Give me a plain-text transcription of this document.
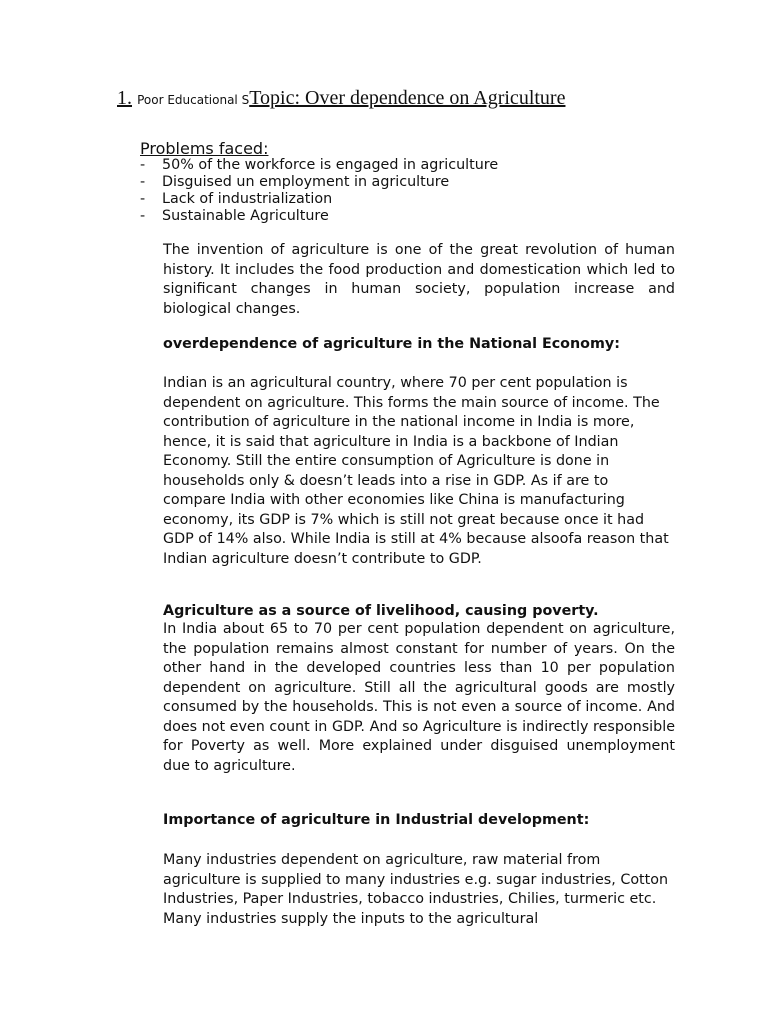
1. Poor Educational STopic: Over dependence on Agriculture
Problems faced:
- 50% of the workforce is engaged in agriculture
- Disguised un employment in agriculture
- Lack of industrialization
- Sustainable Agriculture

The invention of agriculture is one of the great revolution of human history. It includes the food production and domestication which led to significant changes in human society, population increase and biological changes.

overdependence of agriculture in the National Economy:

Indian is an agricultural country, where 70 per cent population is dependent on agriculture. This forms the main source of income. The contribution of agriculture in the national income in India is more, hence, it is said that agriculture in India is a backbone of Indian Economy. Still the entire consumption of Agriculture is done in households only & doesn’t leads into a rise in GDP. As if are to compare India with other economies like China is manufacturing economy, its GDP is 7% which is still not great because once it had GDP of 14% also. While India is still at 4% because alsoofa reason that Indian agriculture doesn’t contribute to GDP.

Agriculture as a source of livelihood, causing poverty.

In India about 65 to 70 per cent population dependent on agriculture, the population remains almost constant for number of years. On the other hand in the developed countries less than 10 per population dependent on agriculture. Still all the agricultural goods are mostly consumed by the households. This is not even a source of income. And does not even count in GDP. And so Agriculture is indirectly responsible for Poverty as well. More explained under disguised unemployment due to agriculture.

Importance of agriculture in Industrial development:

Many industries dependent on agriculture, raw material from agriculture is supplied to many industries e.g. sugar industries, Cotton Industries, Paper Industries, tobacco industries, Chilies, turmeric etc. Many industries supply the inputs to the agricultural
